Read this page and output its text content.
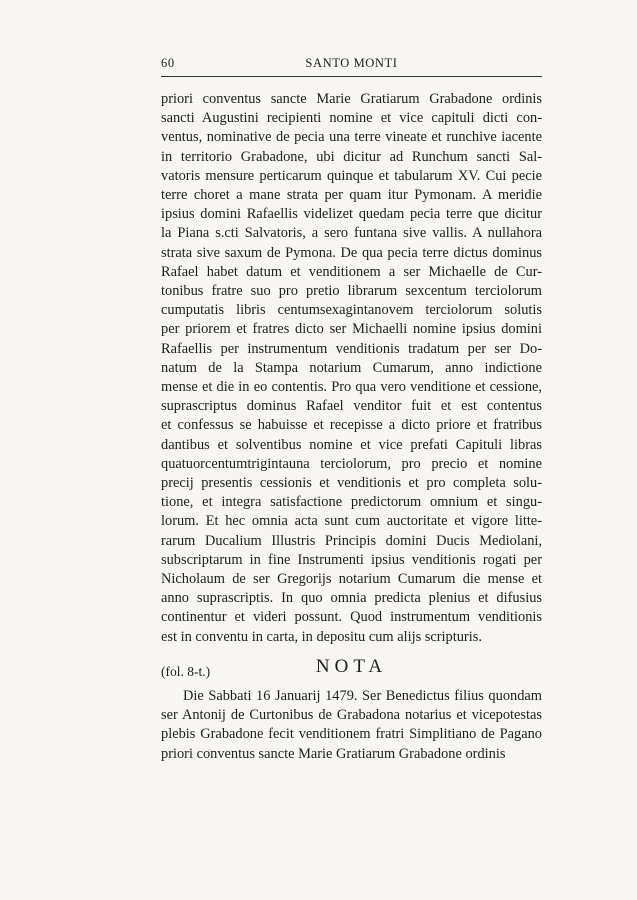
60	SANTO MONTI
priori conventus sancte Marie Gratiarum Grabadone ordinis
sancti Augustini recipienti nomine et vice capituli dicti con-
ventus, nominative de pecia una terre vineate et runchive iacente
in territorio Grabadone, ubi dicitur ad Runchum sancti Sal-
vatoris mensure perticarum quinque et tabularum XV. Cui pecie
terre choret a mane strata per quam itur Pymonam. A meridie
ipsius domini Rafaellis videlizet quedam pecia terre que dicitur
la Piana s.cti Salvatoris, a sero funtana sive vallis. A nullahora
strata sive saxum de Pymona. De qua pecia terre dictus dominus
Rafael habet datum et venditionem a ser Michaelle de Cur-
tonibus fratre suo pro pretio librarum sexcentum terciolorum
cumputatis libris centumsexagintanovem terciolorum solutis
per priorem et fratres dicto ser Michaelli nomine ipsius domini
Rafaellis per instrumentum venditionis tradatum per ser Do-
natum de la Stampa notarium Cumarum, anno indictione
mense et die in eo contentis. Pro qua vero venditione et cessione,
suprascriptus dominus Rafael venditor fuit et est contentus
et confessus se habuisse et recepisse a dicto priore et fratribus
dantibus et solventibus nomine et vice prefati Capituli libras
quatuorcentumtrigintauna terciolorum, pro precio et nomine
precij presentis cessionis et venditionis et pro completa solu-
tione, et integra satisfactione predictorum omnium et singu-
lorum. Et hec omnia acta sunt cum auctoritate et vigore litte-
rarum Ducalium Illustris Principis domini Ducis Mediolani,
subscriptarum in fine Instrumenti ipsius venditionis rogati per
Nicholaum de ser Gregorijs notarium Cumarum die mense et
anno suprascriptis. In quo omnia predicta plenius et difusius
continentur et videri possunt. Quod instrumentum venditionis
est in conventu in carta, in depositu cum alijs scripturis.
(fol. 8-t.)	NOTA
Die Sabbati 16 Januarij 1479. Ser Benedictus filius quondam
ser Antonij de Curtonibus de Grabadona notarius et vicepotestas
plebis Grabadone fecit venditionem fratri Simplitiano de Pagano
priori conventus sancte Marie Gratiarum Grabadone ordinis
